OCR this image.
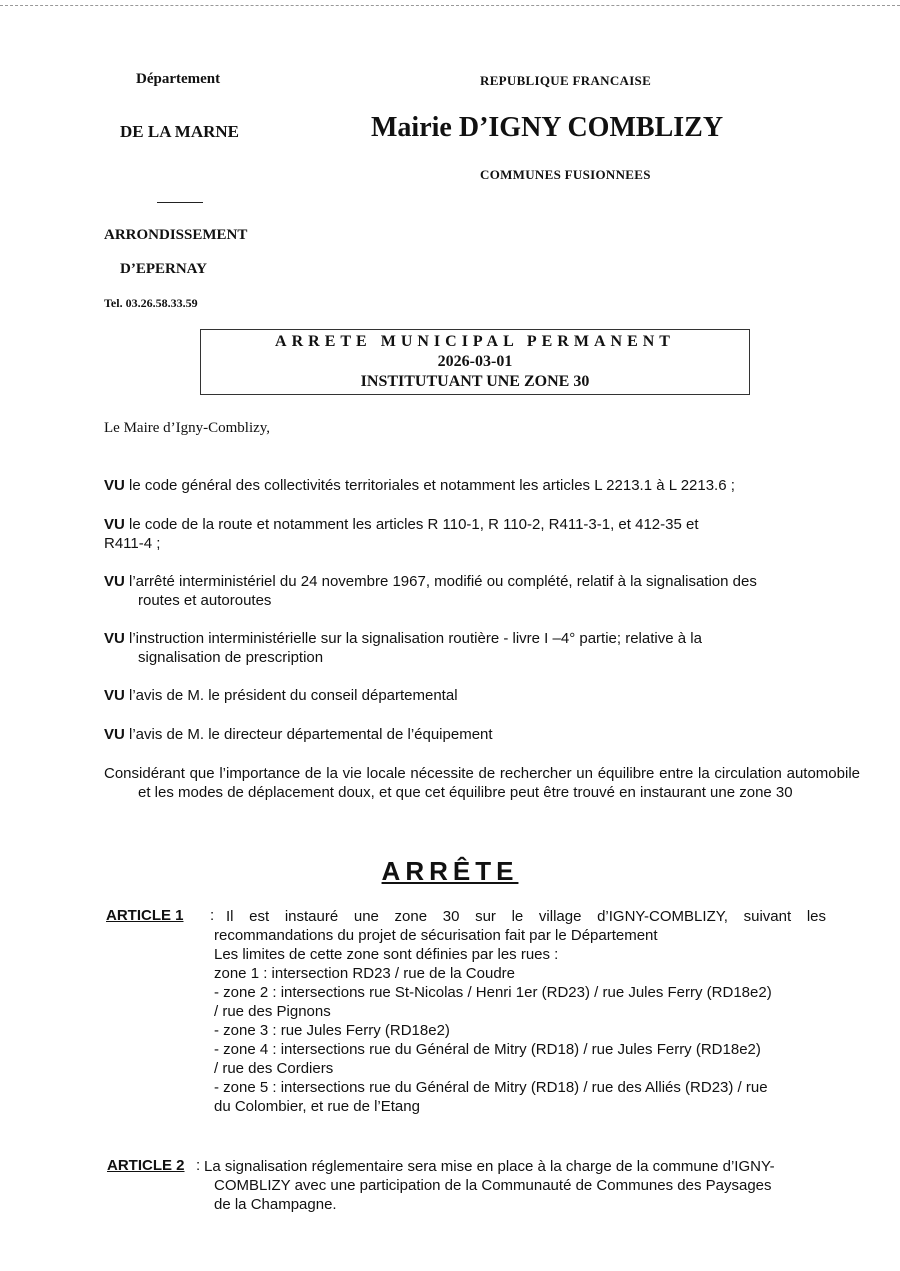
Département
DE LA MARNE
ARRONDISSEMENT
D’EPERNAY
Tel. 03.26.58.33.59
REPUBLIQUE FRANCAISE
Mairie D’IGNY COMBLIZY
COMMUNES FUSIONNEES
ARRETE MUNICIPAL PERMANENT
2026-03-01
INSTITUTUANT UNE ZONE 30
Le Maire d’Igny-Comblizy,
VU le code général des collectivités territoriales et notamment les articles L 2213.1 à L 2213.6 ;
VU le code de la route et notamment les articles R 110-1, R 110-2, R411-3-1, et 412-35 et
R411-4 ;
VU l’arrêté interministériel du 24 novembre 1967, modifié ou complété, relatif à la signalisation des
routes et autoroutes
VU l’instruction interministérielle sur la signalisation routière - livre I –4° partie; relative à la
signalisation de prescription
VU l’avis de M. le président du conseil départemental
VU l’avis de M. le directeur départemental de l’équipement
Considérant que l’importance de la vie locale nécessite de rechercher un équilibre entre la circulation automobile et les modes de déplacement doux, et que cet équilibre peut être trouvé en instaurant une zone 30
ARRÊTE
ARTICLE 1 : Il est instauré une zone 30 sur le village d’IGNY-COMBLIZY, suivant les
recommandations du projet de sécurisation fait par le Département
Les limites de cette zone sont définies par les rues :
zone 1 : intersection RD23 / rue de la Coudre
- zone 2 : intersections rue St-Nicolas / Henri 1er (RD23) / rue Jules Ferry (RD18e2)
/ rue des Pignons
- zone 3 : rue Jules Ferry (RD18e2)
- zone 4 : intersections rue du Général de Mitry (RD18) / rue Jules Ferry (RD18e2)
/ rue des Cordiers
- zone 5 : intersections rue du Général de Mitry (RD18) / rue des Alliés (RD23) / rue
du Colombier, et rue de l’Etang
ARTICLE 2 : La signalisation réglementaire sera mise en place à la charge de la commune d’IGNY-
COMBLIZY avec une participation de la Communauté de Communes des Paysages
de la Champagne.
